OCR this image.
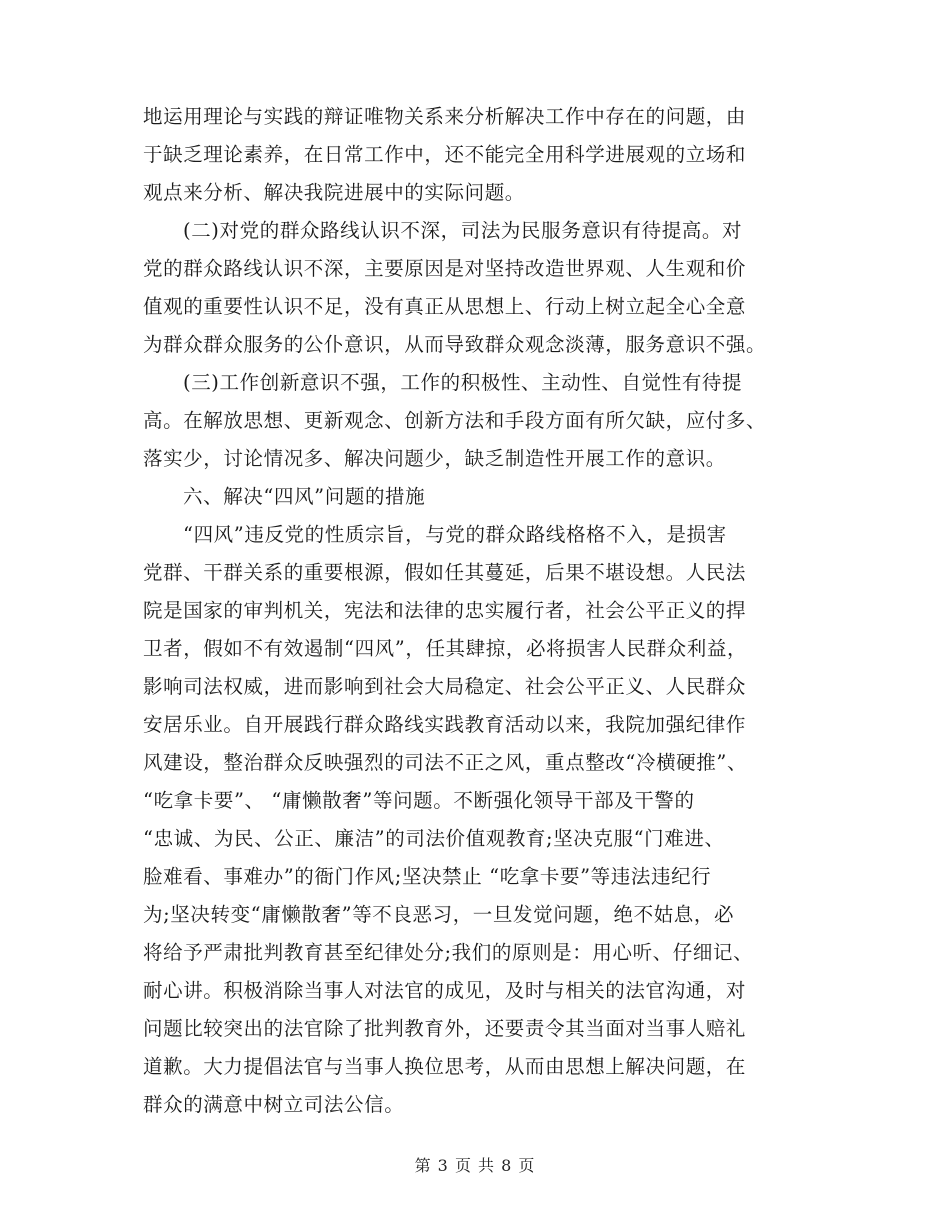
地运用理论与实践的辩证唯物关系来分析解决工作中存在的问题，由
于缺乏理论素养，在日常工作中，还不能完全用科学进展观的立场和
观点来分析、解决我院进展中的实际问题。
(二)对党的群众路线认识不深，司法为民服务意识有待提高。对
党的群众路线认识不深，主要原因是对坚持改造世界观、人生观和价
值观的重要性认识不足，没有真正从思想上、行动上树立起全心全意
为群众群众服务的公仆意识，从而导致群众观念淡薄，服务意识不强。
(三)工作创新意识不强，工作的积极性、主动性、自觉性有待提
高。在解放思想、更新观念、创新方法和手段方面有所欠缺，应付多、
落实少，讨论情况多、解决问题少，缺乏制造性开展工作的意识。
六、解决“四风”问题的措施
“四风”违反党的性质宗旨，与党的群众路线格格不入，是损害
党群、干群关系的重要根源，假如任其蔓延，后果不堪设想。人民法
院是国家的审判机关，宪法和法律的忠实履行者，社会公平正义的捍
卫者，假如不有效遏制“四风”，任其肆掠，必将损害人民群众利益，
影响司法权威，进而影响到社会大局稳定、社会公平正义、人民群众
安居乐业。自开展践行群众路线实践教育活动以来，我院加强纪律作
风建设，整治群众反映强烈的司法不正之风，重点整改“冷横硬推”、
“吃拿卡要”、 “庸懒散奢”等问题。不断强化领导干部及干警的
“忠诚、为民、公正、廉洁”的司法价值观教育;坚决克服“门难进、
脸难看、事难办”的衙门作风;坚决禁止 “吃拿卡要”等违法违纪行
为;坚决转变“庸懒散奢”等不良恶习，一旦发觉问题，绝不姑息，必
将给予严肃批判教育甚至纪律处分;我们的原则是：用心听、仔细记、
耐心讲。积极消除当事人对法官的成见，及时与相关的法官沟通，对
问题比较突出的法官除了批判教育外，还要责令其当面对当事人赔礼
道歉。大力提倡法官与当事人换位思考，从而由思想上解决问题，在
群众的满意中树立司法公信。
第 3 页 共 8 页
